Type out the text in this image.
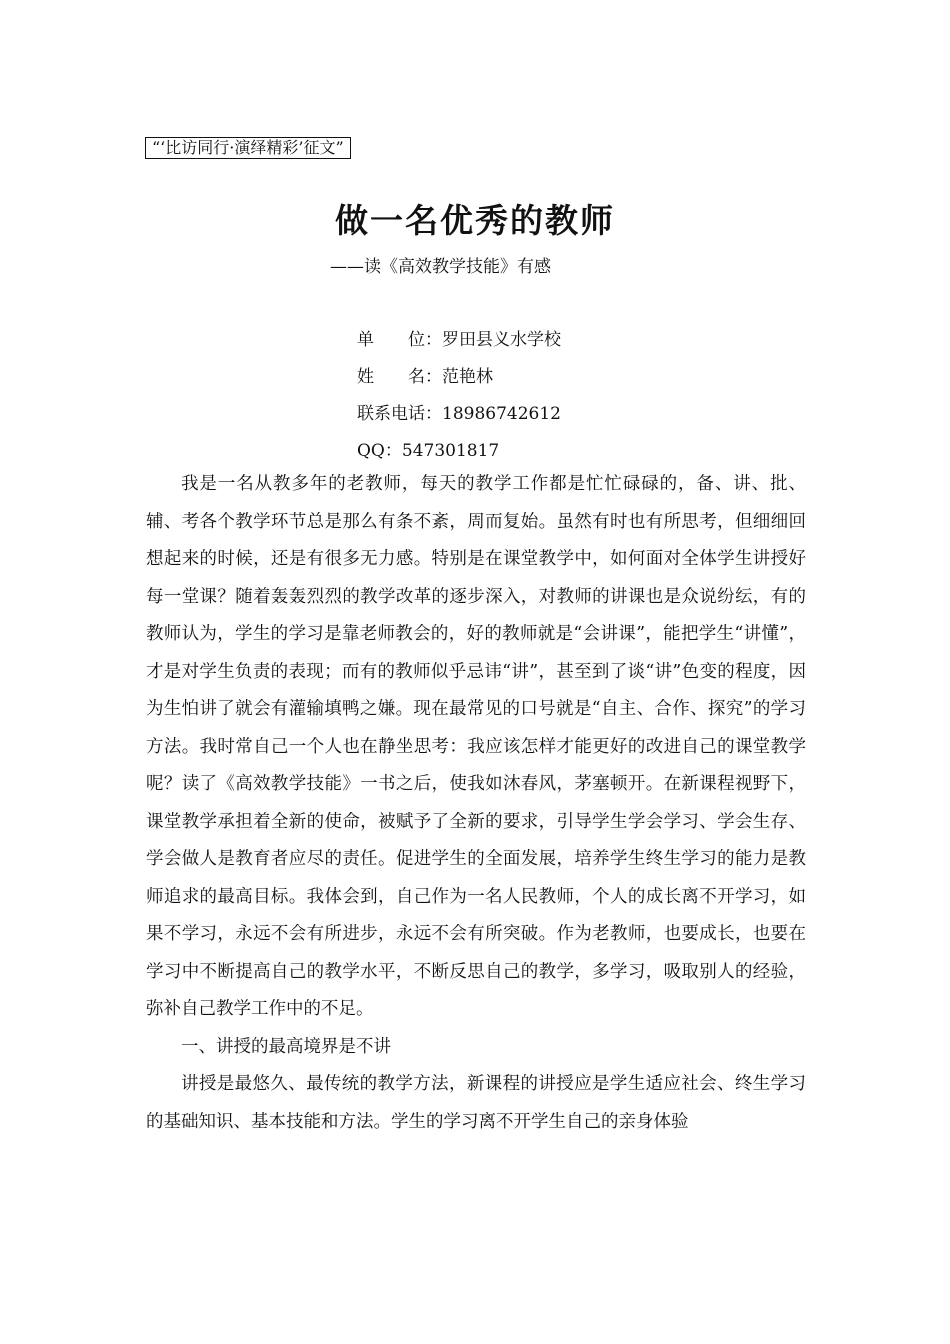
“‘比访同行·演绎精彩’征文”
做一名优秀的教师
——读《高效教学技能》有感
单　　位：罗田县义水学校
姓　　名：范艳林
联系电话：18986742612
QQ：547301817

我是一名从教多年的老教师，每天的教学工作都是忙忙碌碌的，备、讲、批、辅、考各个教学环节总是那么有条不紊，周而复始。虽然有时也有所思考，但细细回想起来的时候，还是有很多无力感。特别是在课堂教学中，如何面对全体学生讲授好每一堂课？随着轰轰烈烈的教学改革的逐步深入，对教师的讲课也是众说纷纭，有的教师认为，学生的学习是靠老师教会的，好的教师就是“会讲课”，能把学生“讲懂”，才是对学生负责的表现；而有的教师似乎忌讳“讲”，甚至到了谈“讲”色变的程度，因为生怕讲了就会有灌输填鸭之嫌。现在最常见的口号就是“自主、合作、探究”的学习方法。我时常自己一个人也在静坐思考：我应该怎样才能更好的改进自己的课堂教学呢？读了《高效教学技能》一书之后，使我如沐春风，茅塞顿开。在新课程视野下，课堂教学承担着全新的使命，被赋予了全新的要求，引导学生学会学习、学会生存、学会做人是教育者应尽的责任。促进学生的全面发展，培养学生终生学习的能力是教师追求的最高目标。我体会到，自己作为一名人民教师，个人的成长离不开学习，如果不学习，永远不会有所进步，永远不会有所突破。作为老教师，也要成长，也要在学习中不断提高自己的教学水平，不断反思自己的教学，多学习，吸取别人的经验，弥补自己教学工作中的不足。

一、讲授的最高境界是不讲

讲授是最悠久、最传统的教学方法，新课程的讲授应是学生适应社会、终生学习的基础知识、基本技能和方法。学生的学习离不开学生自己的亲身体验
